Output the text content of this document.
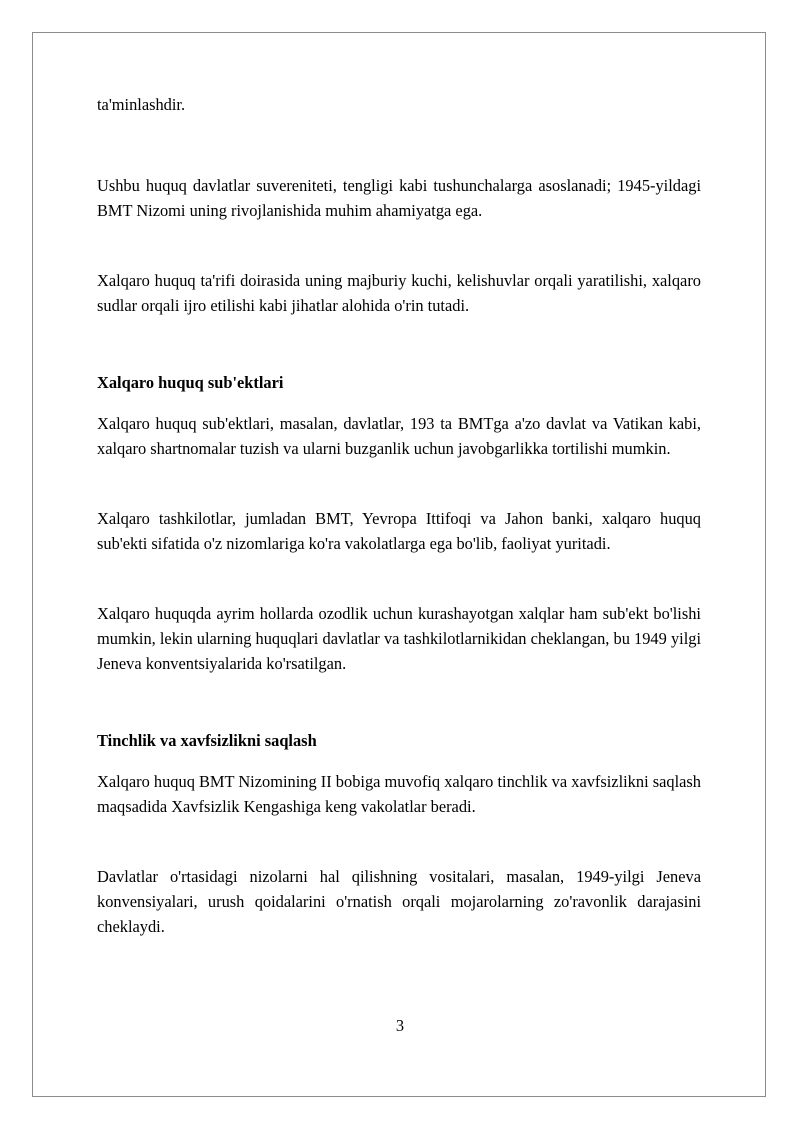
ta'minlashdir.

Ushbu huquq davlatlar suvereniteti, tengligi kabi tushunchalarga asoslanadi; 1945-yildagi BMT Nizomi uning rivojlanishida muhim ahamiyatga ega.

Xalqaro huquq ta'rifi doirasida uning majburiy kuchi, kelishuvlar orqali yaratilishi, xalqaro sudlar orqali ijro etilishi kabi jihatlar alohida o'rin tutadi.

Xalqaro huquq sub'ektlari

Xalqaro huquq sub'ektlari, masalan, davlatlar, 193 ta BMTga a'zo davlat va Vatikan kabi, xalqaro shartnomalar tuzish va ularni buzganlik uchun javobgarlikka tortilishi mumkin.

Xalqaro tashkilotlar, jumladan BMT, Yevropa Ittifoqi va Jahon banki, xalqaro huquq sub'ekti sifatida o'z nizomlariga ko'ra vakolatlarga ega bo'lib, faoliyat yuritadi.

Xalqaro huquqda ayrim hollarda ozodlik uchun kurashayotgan xalqlar ham sub'ekt bo'lishi mumkin, lekin ularning huquqlari davlatlar va tashkilotlarnikidan cheklangan, bu 1949 yilgi Jeneva konventsiyalarida ko'rsatilgan.

Tinchlik va xavfsizlikni saqlash

Xalqaro huquq BMT Nizomining II bobiga muvofiq xalqaro tinchlik va xavfsizlikni saqlash maqsadida Xavfsizlik Kengashiga keng vakolatlar beradi.

Davlatlar o'rtasidagi nizolarni hal qilishning vositalari, masalan, 1949-yilgi Jeneva konvensiyalari, urush qoidalarini o'rnatish orqali mojarolarning zo'ravonlik darajasini cheklaydi.

3
